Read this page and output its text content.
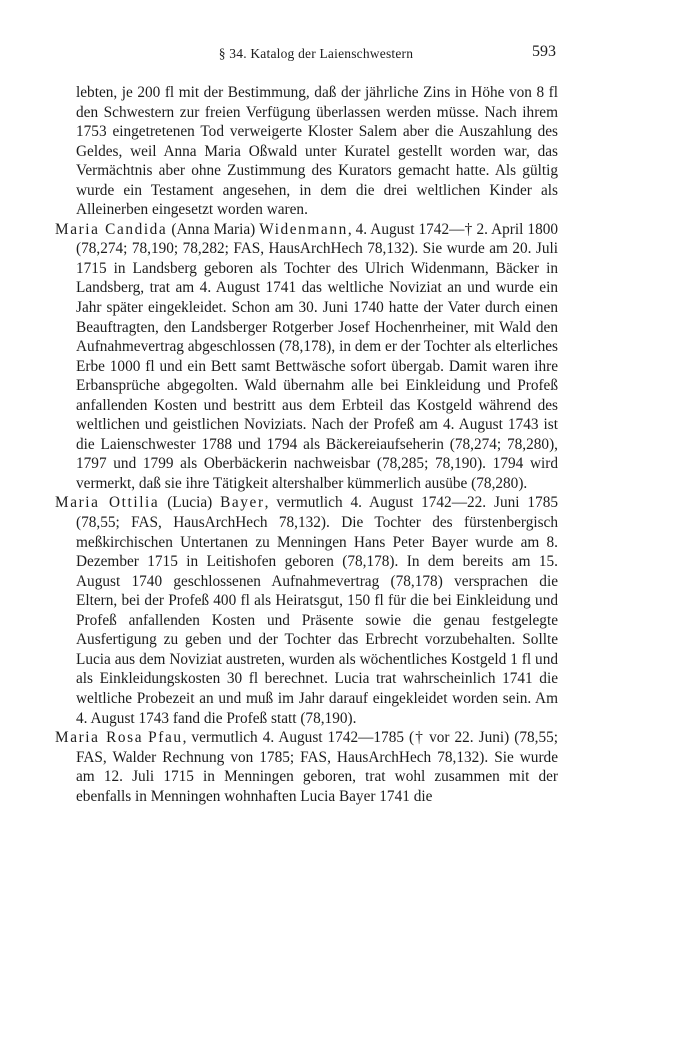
§ 34. Katalog der Laienschwestern	593

lebten, je 200 fl mit der Bestimmung, daß der jährliche Zins in Höhe von 8 fl den Schwestern zur freien Verfügung überlassen werden müsse. Nach ihrem 1753 eingetretenen Tod verweigerte Kloster Salem aber die Auszahlung des Geldes, weil Anna Maria Oßwald unter Kuratel gestellt worden war, das Vermächtnis aber ohne Zustimmung des Kurators gemacht hatte. Als gültig wurde ein Testament angesehen, in dem die drei weltlichen Kinder als Alleinerben eingesetzt worden waren.

Maria Candida (Anna Maria) Widenmann, 4. August 1742—† 2. April 1800 (78,274; 78,190; 78,282; FAS, HausArchHech 78,132). Sie wurde am 20. Juli 1715 in Landsberg geboren als Tochter des Ulrich Widenmann, Bäcker in Landsberg, trat am 4. August 1741 das weltliche Noviziat an und wurde ein Jahr später eingekleidet. Schon am 30. Juni 1740 hatte der Vater durch einen Beauftragten, den Landsberger Rotgerber Josef Hochenrheiner, mit Wald den Aufnahmevertrag abgeschlossen (78,178), in dem er der Tochter als elterliches Erbe 1000 fl und ein Bett samt Bettwäsche sofort übergab. Damit waren ihre Erbansprüche abgegolten. Wald übernahm alle bei Einkleidung und Profeß anfallenden Kosten und bestritt aus dem Erbteil das Kostgeld während des weltlichen und geistlichen Noviziats. Nach der Profeß am 4. August 1743 ist die Laienschwester 1788 und 1794 als Bäckereiaufseherin (78,274; 78,280), 1797 und 1799 als Oberbäckerin nachweisbar (78,285; 78,190). 1794 wird vermerkt, daß sie ihre Tätigkeit altershalber kümmerlich ausübe (78,280).

Maria Ottilia (Lucia) Bayer, vermutlich 4. August 1742—22. Juni 1785 (78,55; FAS, HausArchHech 78,132). Die Tochter des fürstenbergisch meßkirchischen Untertanen zu Menningen Hans Peter Bayer wurde am 8. Dezember 1715 in Leitishofen geboren (78,178). In dem bereits am 15. August 1740 geschlossenen Aufnahmevertrag (78,178) versprachen die Eltern, bei der Profeß 400 fl als Heiratsgut, 150 fl für die bei Einkleidung und Profeß anfallenden Kosten und Präsente sowie die genau festgelegte Ausfertigung zu geben und der Tochter das Erbrecht vorzubehalten. Sollte Lucia aus dem Noviziat austreten, wurden als wöchentliches Kostgeld 1 fl und als Einkleidungskosten 30 fl berechnet. Lucia trat wahrscheinlich 1741 die weltliche Probezeit an und muß im Jahr darauf eingekleidet worden sein. Am 4. August 1743 fand die Profeß statt (78,190).

Maria Rosa Pfau, vermutlich 4. August 1742—1785 († vor 22. Juni) (78,55; FAS, Walder Rechnung von 1785; FAS, HausArchHech 78,132). Sie wurde am 12. Juli 1715 in Menningen geboren, trat wohl zusammen mit der ebenfalls in Menningen wohnhaften Lucia Bayer 1741 die
